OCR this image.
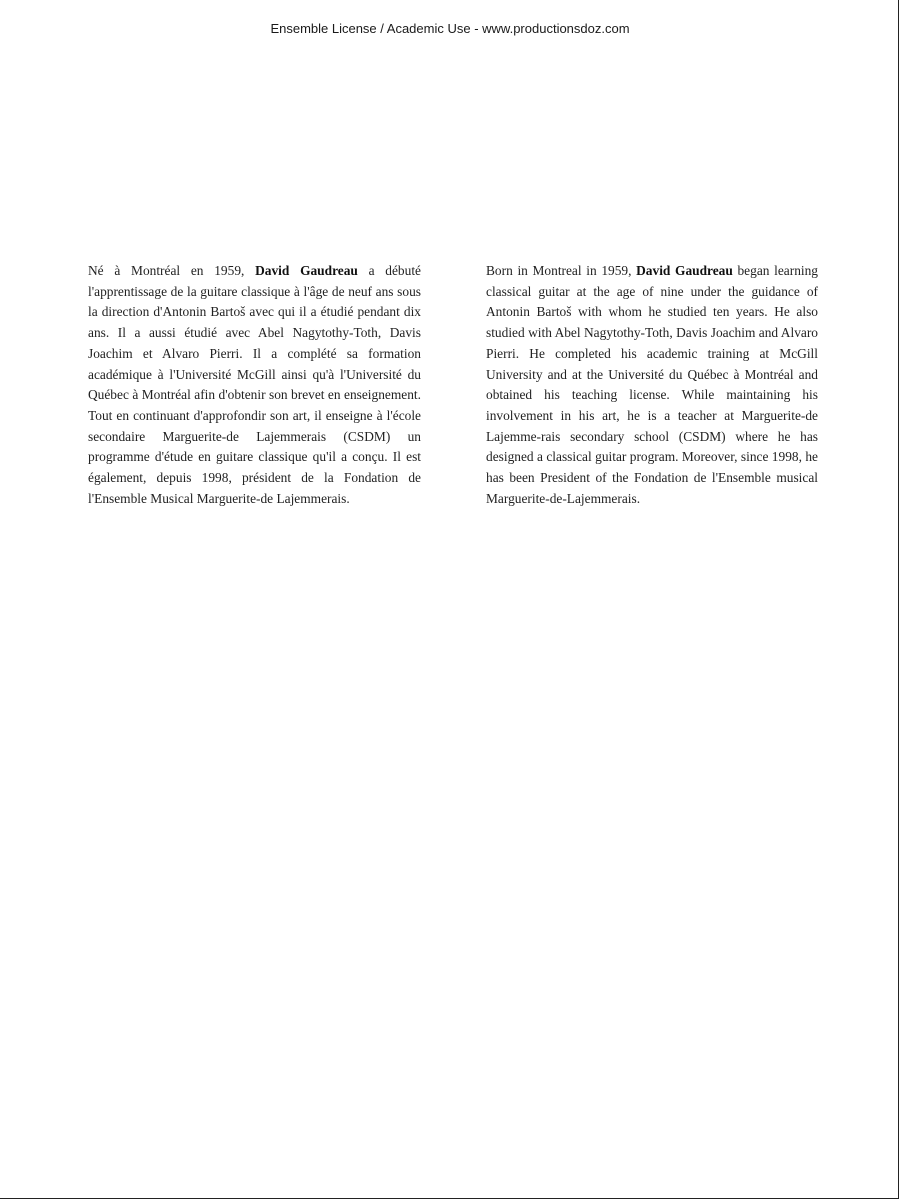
Ensemble License / Academic Use - www.productionsdoz.com

Né à Montréal en 1959, David Gaudreau a débuté l'apprentissage de la guitare classique à l'âge de neuf ans sous la direction d'Antonin Bartoš avec qui il a étudié pendant dix ans. Il a aussi étudié avec Abel Nagytothy-Toth, Davis Joachim et Alvaro Pierri. Il a complété sa formation académique à l'Université McGill ainsi qu'à l'Université du Québec à Montréal afin d'obtenir son brevet en enseignement. Tout en continuant d'approfondir son art, il enseigne à l'école secondaire Marguerite-de Lajemmerais (CSDM) un programme d'étude en guitare classique qu'il a conçu. Il est également, depuis 1998, président de la Fondation de l'Ensemble Musical Marguerite-de Lajemmerais.

Born in Montreal in 1959, David Gaudreau began learning classical guitar at the age of nine under the guidance of Antonin Bartoš with whom he studied ten years. He also studied with Abel Nagytothy-Toth, Davis Joachim and Alvaro Pierri. He completed his academic training at McGill University and at the Université du Québec à Montréal and obtained his teaching license. While maintaining his involvement in his art, he is a teacher at Marguerite-de Lajemme-rais secondary school (CSDM) where he has designed a classical guitar program. Moreover, since 1998, he has been President of the Fondation de l'Ensemble musical Marguerite-de-Lajemmerais.
